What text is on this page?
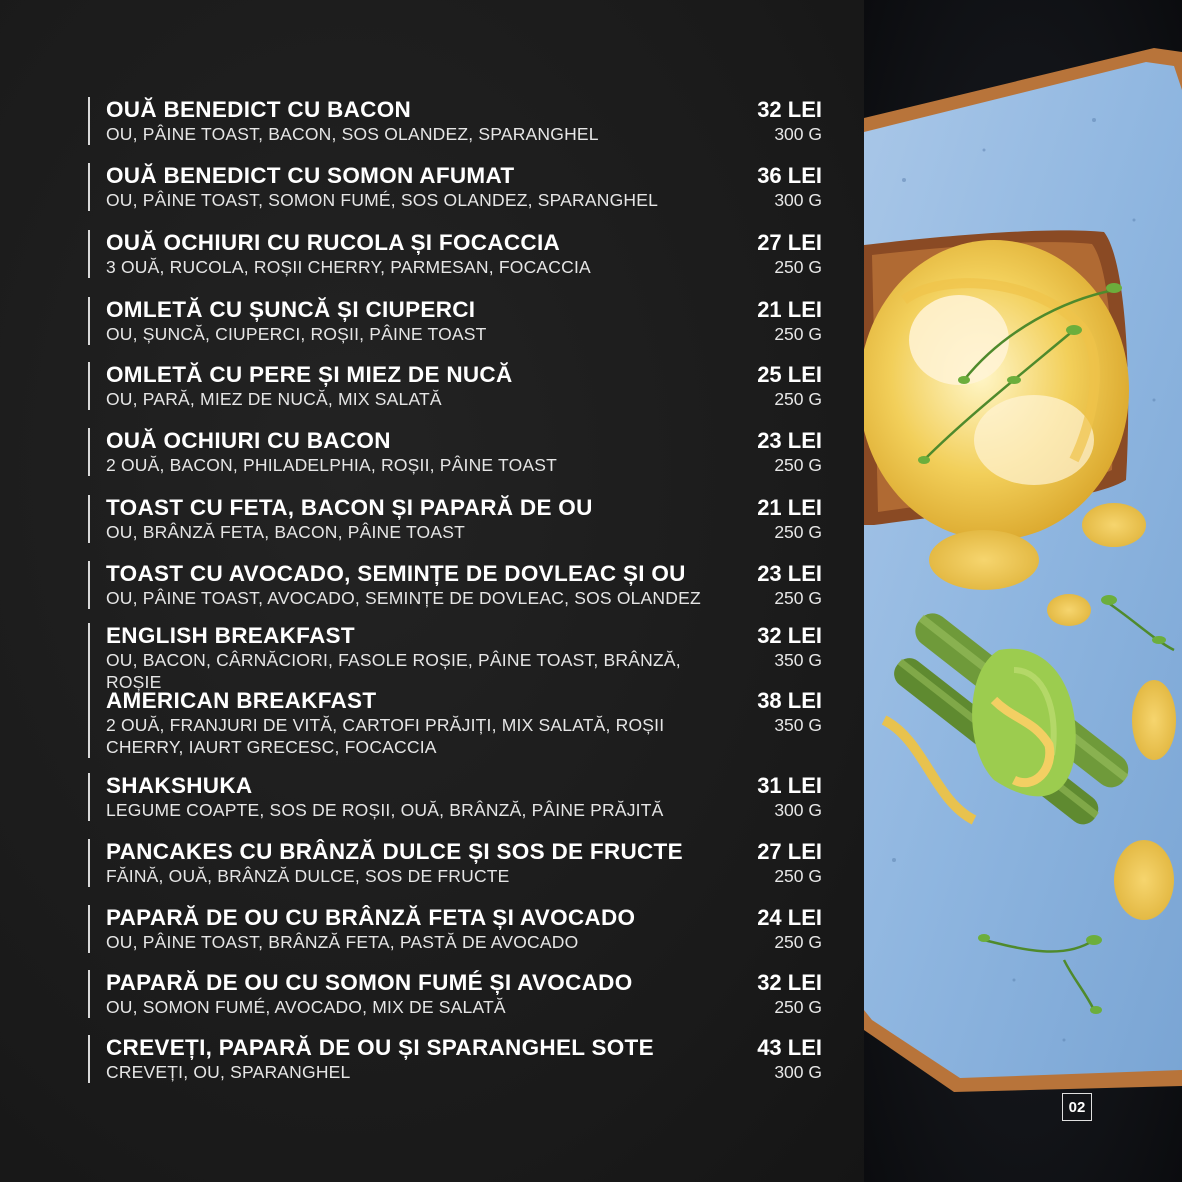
OUĂ BENEDICT CU BACON
OU, PÂINE TOAST, BACON, SOS OLANDEZ, SPARANGHEL
32 LEI
300 G
OUĂ BENEDICT CU SOMON AFUMAT
OU, PÂINE TOAST, SOMON FUMÉ, SOS OLANDEZ, SPARANGHEL
36 LEI
300 G
OUĂ OCHIURI CU RUCOLA ȘI FOCACCIA
3 OUĂ, RUCOLA, ROȘII CHERRY, PARMESAN, FOCACCIA
27 LEI
250 G
OMLETĂ CU ȘUNCĂ ȘI CIUPERCI
OU, ȘUNCĂ, CIUPERCI, ROȘII, PÂINE TOAST
21 LEI
250 G
OMLETĂ CU PERE ȘI MIEZ DE NUCĂ
OU, PARĂ, MIEZ DE NUCĂ, MIX SALATĂ
25 LEI
250 G
OUĂ OCHIURI CU BACON
2 OUĂ, BACON, PHILADELPHIA, ROȘII, PÂINE TOAST
23 LEI
250 G
TOAST CU FETA, BACON ȘI PAPARĂ DE OU
OU, BRÂNZĂ FETA, BACON, PÂINE TOAST
21 LEI
250 G
TOAST CU AVOCADO, SEMINȚE DE DOVLEAC ȘI OU
OU, PÂINE TOAST, AVOCADO, SEMINȚE DE DOVLEAC, SOS OLANDEZ
23 LEI
250 G
ENGLISH BREAKFAST
OU, BACON, CÂRNĂCIORI, FASOLE ROȘIE, PÂINE TOAST, BRÂNZĂ, ROȘIE
32 LEI
350 G
AMERICAN BREAKFAST
2 OUĂ, FRANJURI DE VITĂ, CARTOFI PRĂJIȚI, MIX SALATĂ, ROȘII CHERRY, IAURT GRECESC, FOCACCIA
38 LEI
350 G
SHAKSHUKA
LEGUME COAPTE, SOS DE ROȘII, OUĂ, BRÂNZĂ, PÂINE PRĂJITĂ
31 LEI
300 G
PANCAKES CU BRÂNZĂ DULCE ȘI SOS DE FRUCTE
FĂINĂ, OUĂ, BRÂNZĂ DULCE, SOS DE FRUCTE
27 LEI
250 G
PAPARĂ DE OU CU BRÂNZĂ FETA ȘI AVOCADO
OU, PÂINE TOAST, BRÂNZĂ FETA, PASTĂ DE AVOCADO
24 LEI
250 G
PAPARĂ DE OU CU SOMON FUMÉ ȘI AVOCADO
OU, SOMON FUMÉ, AVOCADO, MIX DE SALATĂ
32 LEI
250 G
CREVEȚI, PAPARĂ DE OU ȘI SPARANGHEL SOTE
CREVEȚI, OU, SPARANGHEL
43 LEI
300 G
02
